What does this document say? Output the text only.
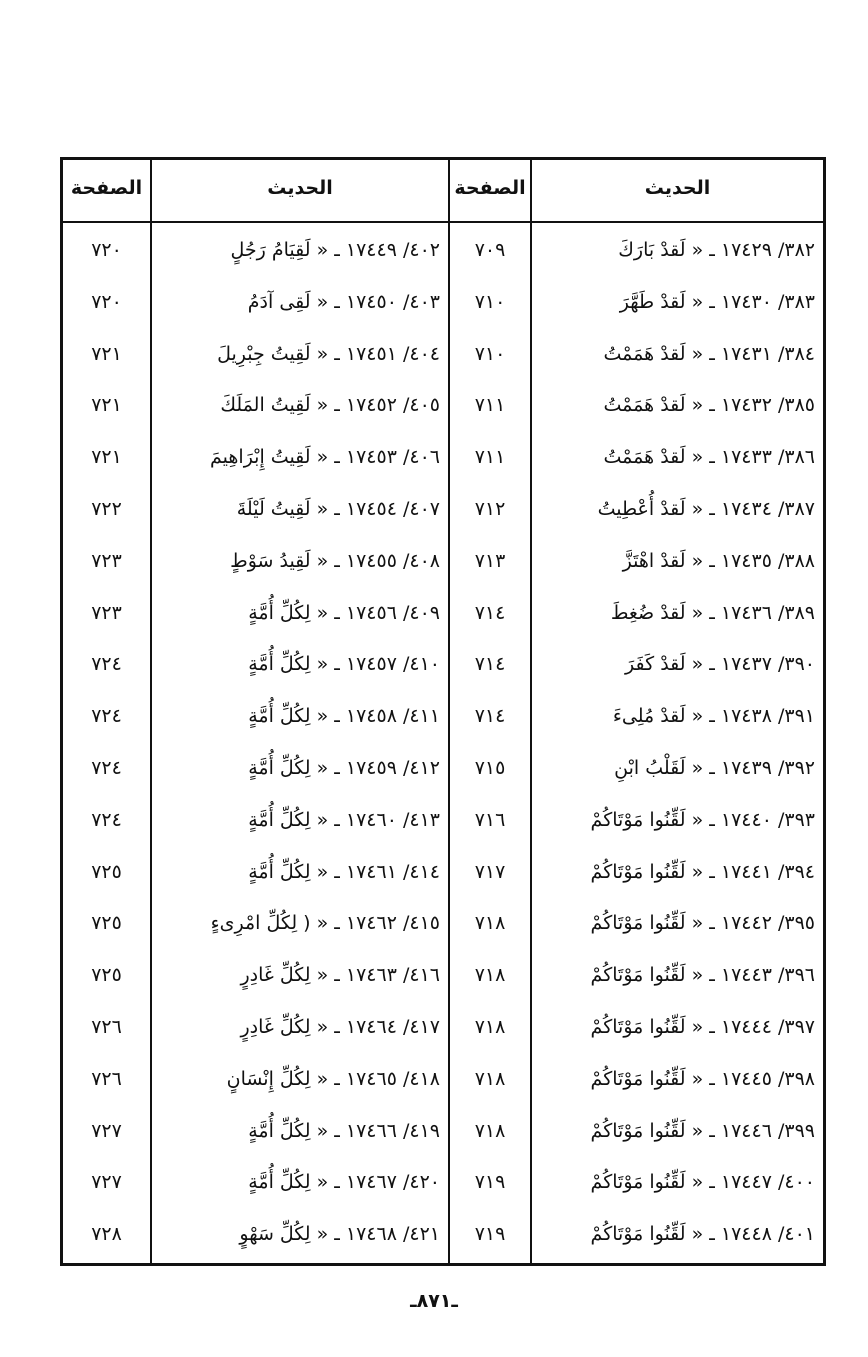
الحديث
الصفحة
الحديث
الصفحة
٣٨٢/ ١٧٤٢٩ ـ « لَقدْ بَارَكَ
٧٠٩
٤٠٢/ ١٧٤٤٩ ـ « لَقِيَامُ رَجُلٍ
٧٢٠
٣٨٣/ ١٧٤٣٠ ـ « لَقدْ طَهَّرَ
٧١٠
٤٠٣/ ١٧٤٥٠ ـ « لَقِى آدَمُ
٧٢٠
٣٨٤/ ١٧٤٣١ ـ « لَقدْ هَمَمْتُ
٧١٠
٤٠٤/ ١٧٤٥١ ـ « لَقِيتُ جِبْرِيلَ
٧٢١
٣٨٥/ ١٧٤٣٢ ـ « لَقدْ هَمَمْتُ
٧١١
٤٠٥/ ١٧٤٥٢ ـ « لَقِيتُ المَلَكَ
٧٢١
٣٨٦/ ١٧٤٣٣ ـ « لَقدْ هَمَمْتُ
٧١١
٤٠٦/ ١٧٤٥٣ ـ « لَقِيتُ إِبْرَاهِيمَ
٧٢١
٣٨٧/ ١٧٤٣٤ ـ « لَقدْ أُعْطِيتُ
٧١٢
٤٠٧/ ١٧٤٥٤ ـ « لَقِيتُ لَيْلَةَ
٧٢٢
٣٨٨/ ١٧٤٣٥ ـ « لَقدْ اهْتَزَّ
٧١٣
٤٠٨/ ١٧٤٥٥ ـ « لَقِيدُ سَوْطٍ
٧٢٣
٣٨٩/ ١٧٤٣٦ ـ « لَقدْ ضُغِطَ
٧١٤
٤٠٩/ ١٧٤٥٦ ـ « لِكُلِّ أُمَّةٍ
٧٢٣
٣٩٠/ ١٧٤٣٧ ـ « لَقدْ كَفَرَ
٧١٤
٤١٠/ ١٧٤٥٧ ـ « لِكُلِّ أُمَّةٍ
٧٢٤
٣٩١/ ١٧٤٣٨ ـ « لَقدْ مُلِىءَ
٧١٤
٤١١/ ١٧٤٥٨ ـ « لِكُلِّ أُمَّةٍ
٧٢٤
٣٩٢/ ١٧٤٣٩ ـ « لَقَلْبُ ابْنِ
٧١٥
٤١٢/ ١٧٤٥٩ ـ « لِكُلِّ أُمَّةٍ
٧٢٤
٣٩٣/ ١٧٤٤٠ ـ « لَقِّنُوا مَوْتَاكُمْ
٧١٦
٤١٣/ ١٧٤٦٠ ـ « لِكُلِّ أُمَّةٍ
٧٢٤
٣٩٤/ ١٧٤٤١ ـ « لَقِّنُوا مَوْتَاكُمْ
٧١٧
٤١٤/ ١٧٤٦١ ـ « لِكُلِّ أُمَّةٍ
٧٢٥
٣٩٥/ ١٧٤٤٢ ـ « لَقِّنُوا مَوْتَاكُمْ
٧١٨
٤١٥/ ١٧٤٦٢ ـ « ( لِكُلِّ امْرِىءٍ
٧٢٥
٣٩٦/ ١٧٤٤٣ ـ « لَقِّنُوا مَوْتَاكُمْ
٧١٨
٤١٦/ ١٧٤٦٣ ـ « لِكُلِّ غَادِرٍ
٧٢٥
٣٩٧/ ١٧٤٤٤ ـ « لَقِّنُوا مَوْتَاكُمْ
٧١٨
٤١٧/ ١٧٤٦٤ ـ « لِكُلِّ غَادِرٍ
٧٢٦
٣٩٨/ ١٧٤٤٥ ـ « لَقِّنُوا مَوْتَاكُمْ
٧١٨
٤١٨/ ١٧٤٦٥ ـ « لِكُلِّ إِنْسَانٍ
٧٢٦
٣٩٩/ ١٧٤٤٦ ـ « لَقِّنُوا مَوْتَاكُمْ
٧١٨
٤١٩/ ١٧٤٦٦ ـ « لِكُلِّ أُمَّةٍ
٧٢٧
٤٠٠/ ١٧٤٤٧ ـ « لَقِّنُوا مَوْتَاكُمْ
٧١٩
٤٢٠/ ١٧٤٦٧ ـ « لِكُلِّ أُمَّةٍ
٧٢٧
٤٠١/ ١٧٤٤٨ ـ « لَقِّنُوا مَوْتَاكُمْ
٧١٩
٤٢١/ ١٧٤٦٨ ـ « لِكُلِّ سَهْوٍ
٧٢٨
ـ٨٧١ـ
